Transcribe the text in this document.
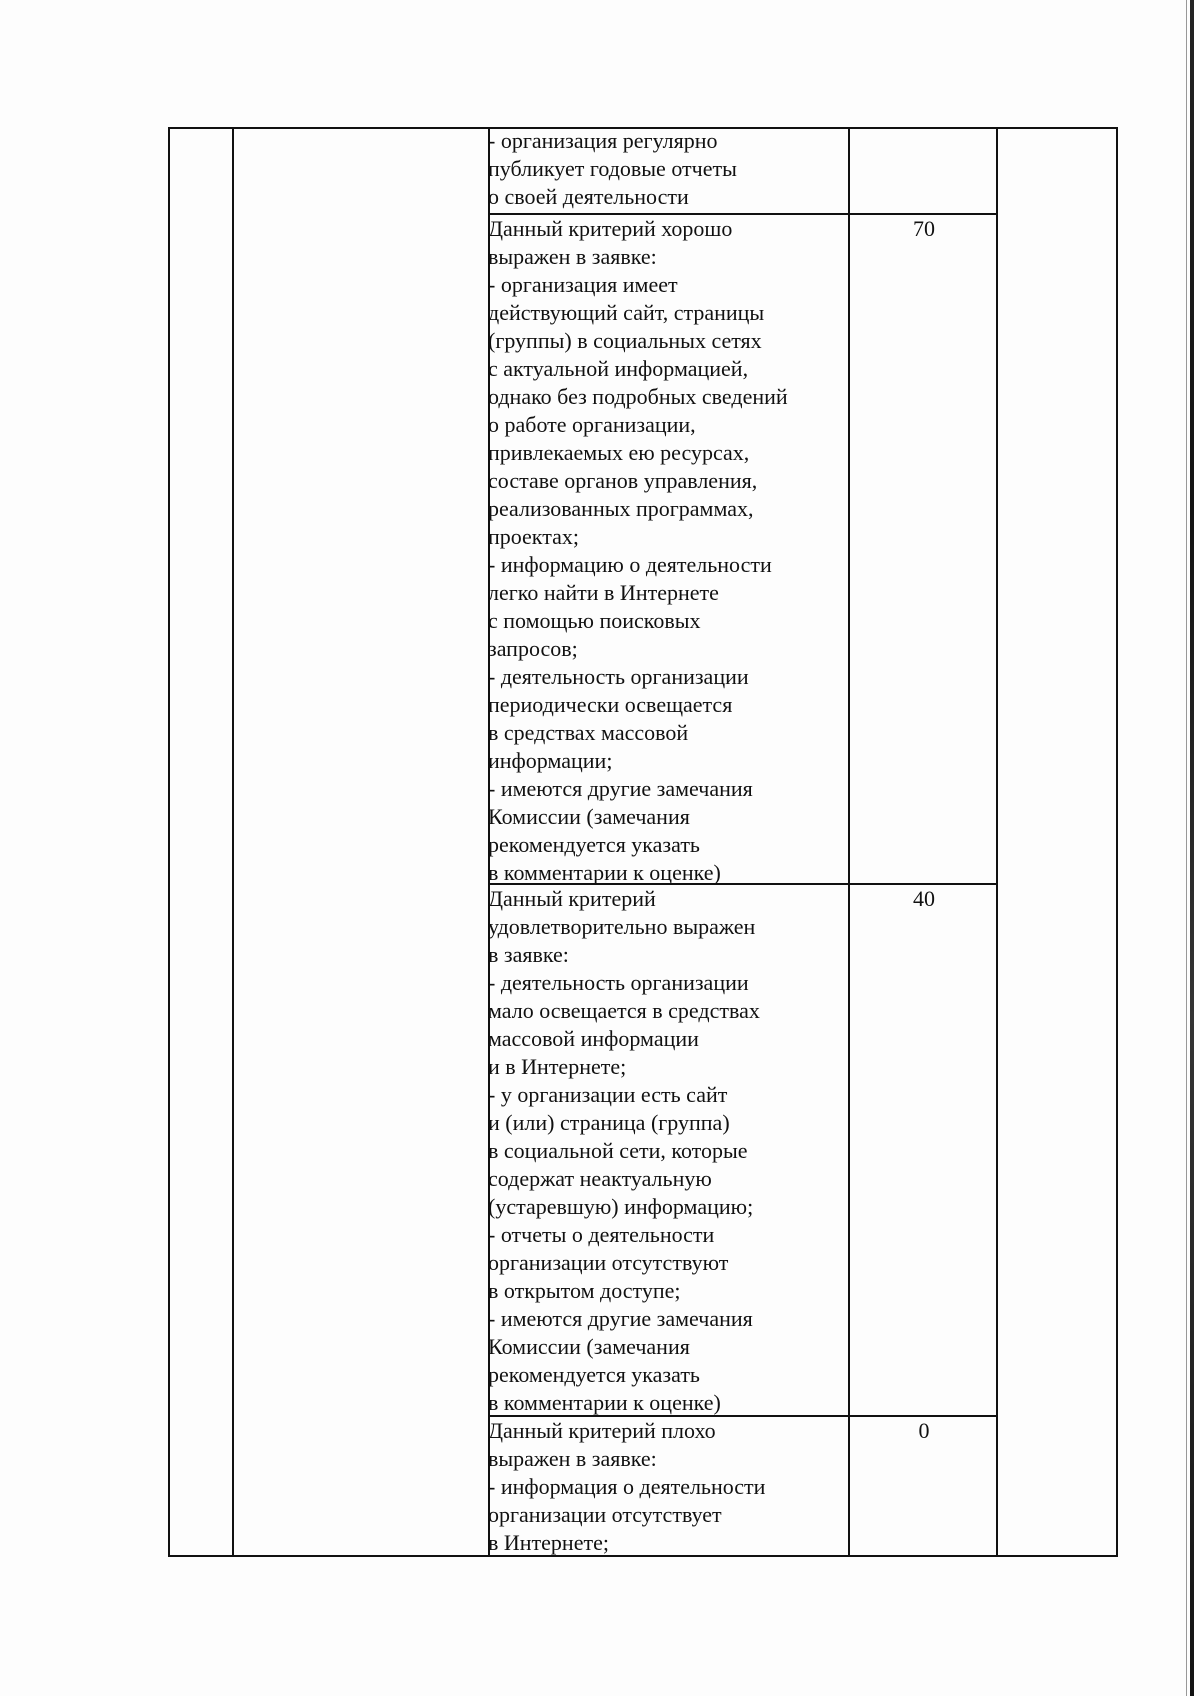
- организация регулярно
публикует годовые отчеты
о своей деятельности
Данный критерий хорошо
выражен в заявке:
- организация имеет
действующий сайт, страницы
(группы) в социальных сетях
с актуальной информацией,
однако без подробных сведений
о работе организации,
привлекаемых ею ресурсах,
составе органов управления,
реализованных программах,
проектах;
- информацию о деятельности
легко найти в Интернете
с помощью поисковых
запросов;
- деятельность организации
периодически освещается
в средствах массовой
информации;
- имеются другие замечания
Комиссии (замечания
рекомендуется указать
в комментарии к оценке)
70
Данный критерий
удовлетворительно выражен
в заявке:
- деятельность организации
мало освещается в средствах
массовой информации
и в Интернете;
- у организации есть сайт
и (или) страница (группа)
в социальной сети, которые
содержат неактуальную
(устаревшую) информацию;
- отчеты о деятельности
организации отсутствуют
в открытом доступе;
- имеются другие замечания
Комиссии (замечания
рекомендуется указать
в комментарии к оценке)
40
Данный критерий плохо
выражен в заявке:
- информация о деятельности
организации отсутствует
в Интернете;
0
